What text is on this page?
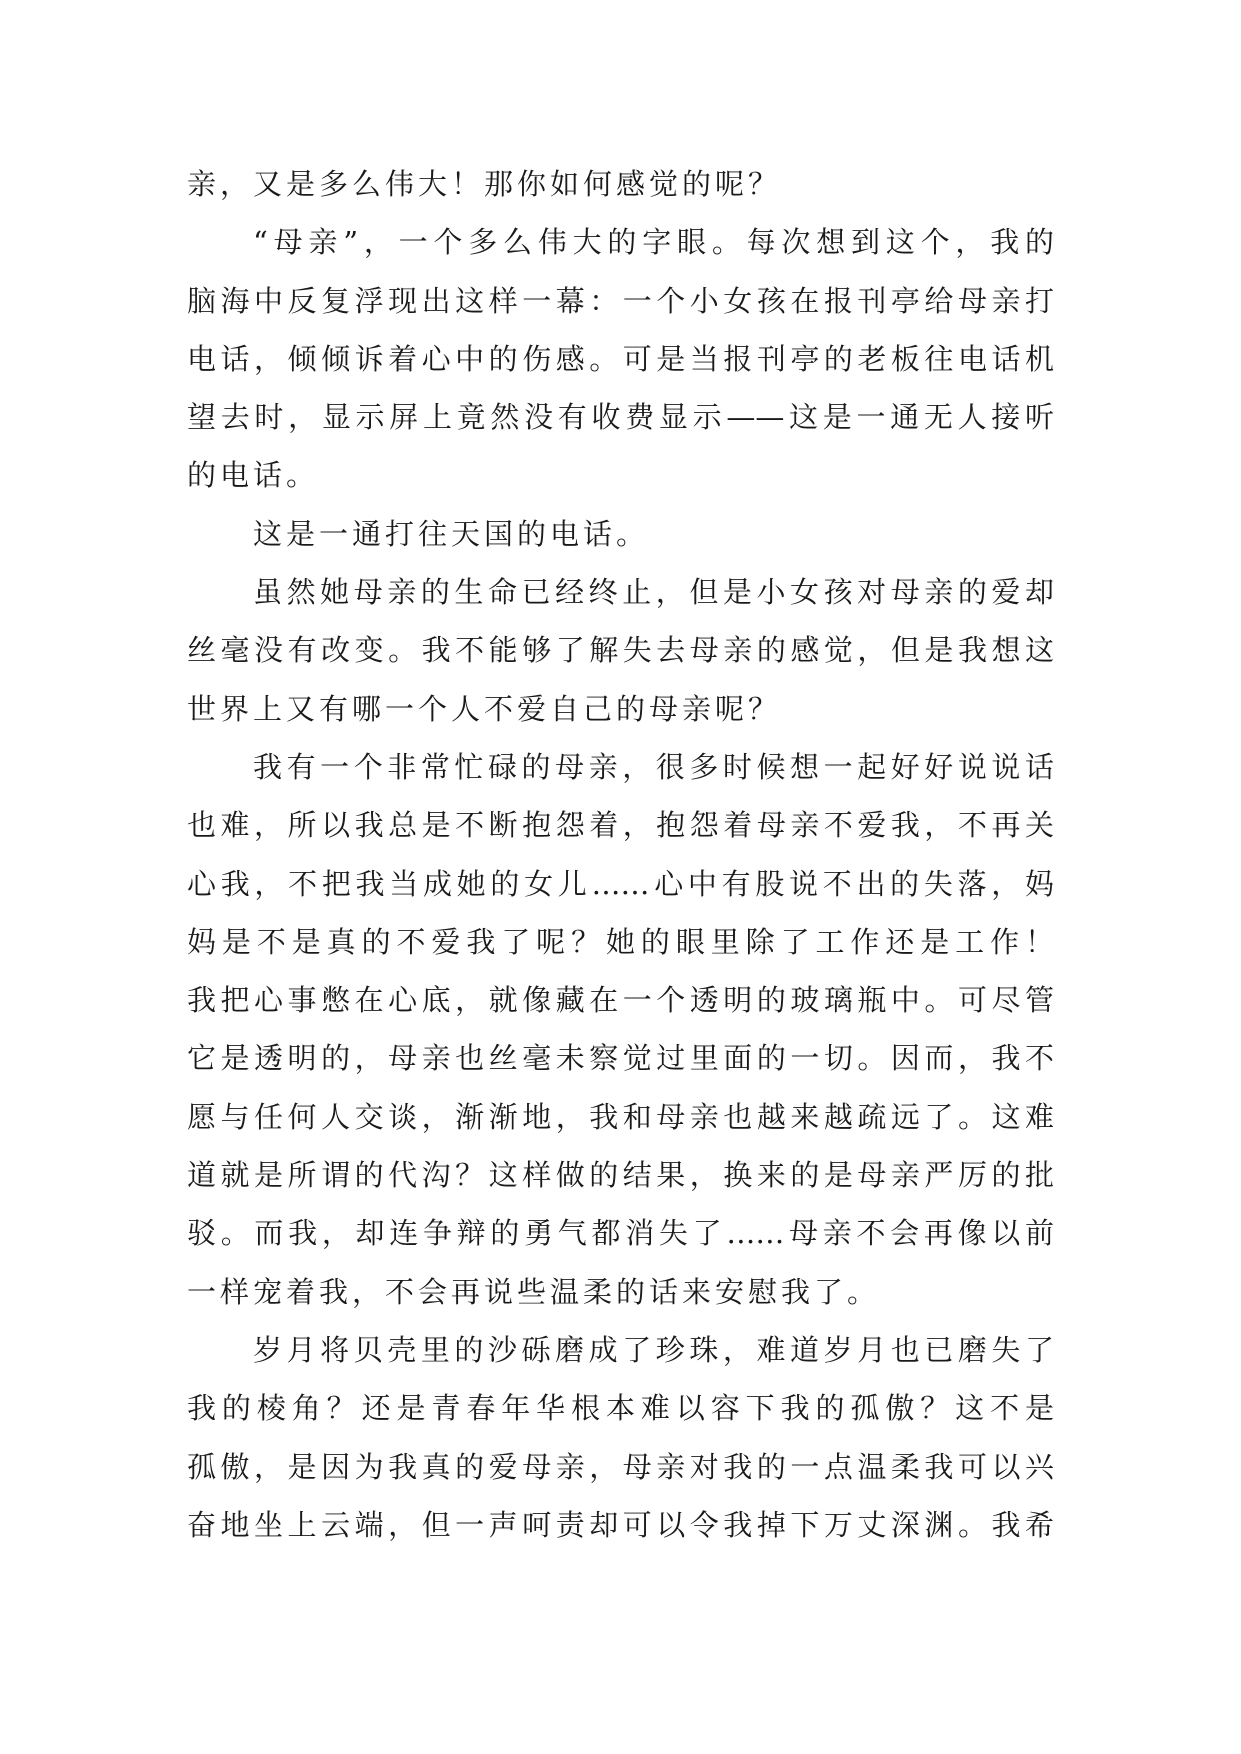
亲，又是多么伟大！那你如何感觉的呢？
“母亲”，一个多么伟大的字眼。每次想到这个，我的
脑海中反复浮现出这样一幕：一个小女孩在报刊亭给母亲打
电话，倾倾诉着心中的伤感。可是当报刊亭的老板往电话机
望去时，显示屏上竟然没有收费显示——这是一通无人接听
的电话。
这是一通打往天国的电话。
虽然她母亲的生命已经终止，但是小女孩对母亲的爱却
丝毫没有改变。我不能够了解失去母亲的感觉，但是我想这
世界上又有哪一个人不爱自己的母亲呢？
我有一个非常忙碌的母亲，很多时候想一起好好说说话
也难，所以我总是不断抱怨着，抱怨着母亲不爱我，不再关
心我，不把我当成她的女儿……心中有股说不出的失落，妈
妈是不是真的不爱我了呢？她的眼里除了工作还是工作！
我把心事憋在心底，就像藏在一个透明的玻璃瓶中。可尽管
它是透明的，母亲也丝毫未察觉过里面的一切。因而，我不
愿与任何人交谈，渐渐地，我和母亲也越来越疏远了。这难
道就是所谓的代沟？这样做的结果，换来的是母亲严厉的批
驳。而我，却连争辩的勇气都消失了……母亲不会再像以前
一样宠着我，不会再说些温柔的话来安慰我了。
岁月将贝壳里的沙砾磨成了珍珠，难道岁月也已磨失了
我的棱角？还是青春年华根本难以容下我的孤傲？这不是
孤傲，是因为我真的爱母亲，母亲对我的一点温柔我可以兴
奋地坐上云端，但一声呵责却可以令我掉下万丈深渊。我希
